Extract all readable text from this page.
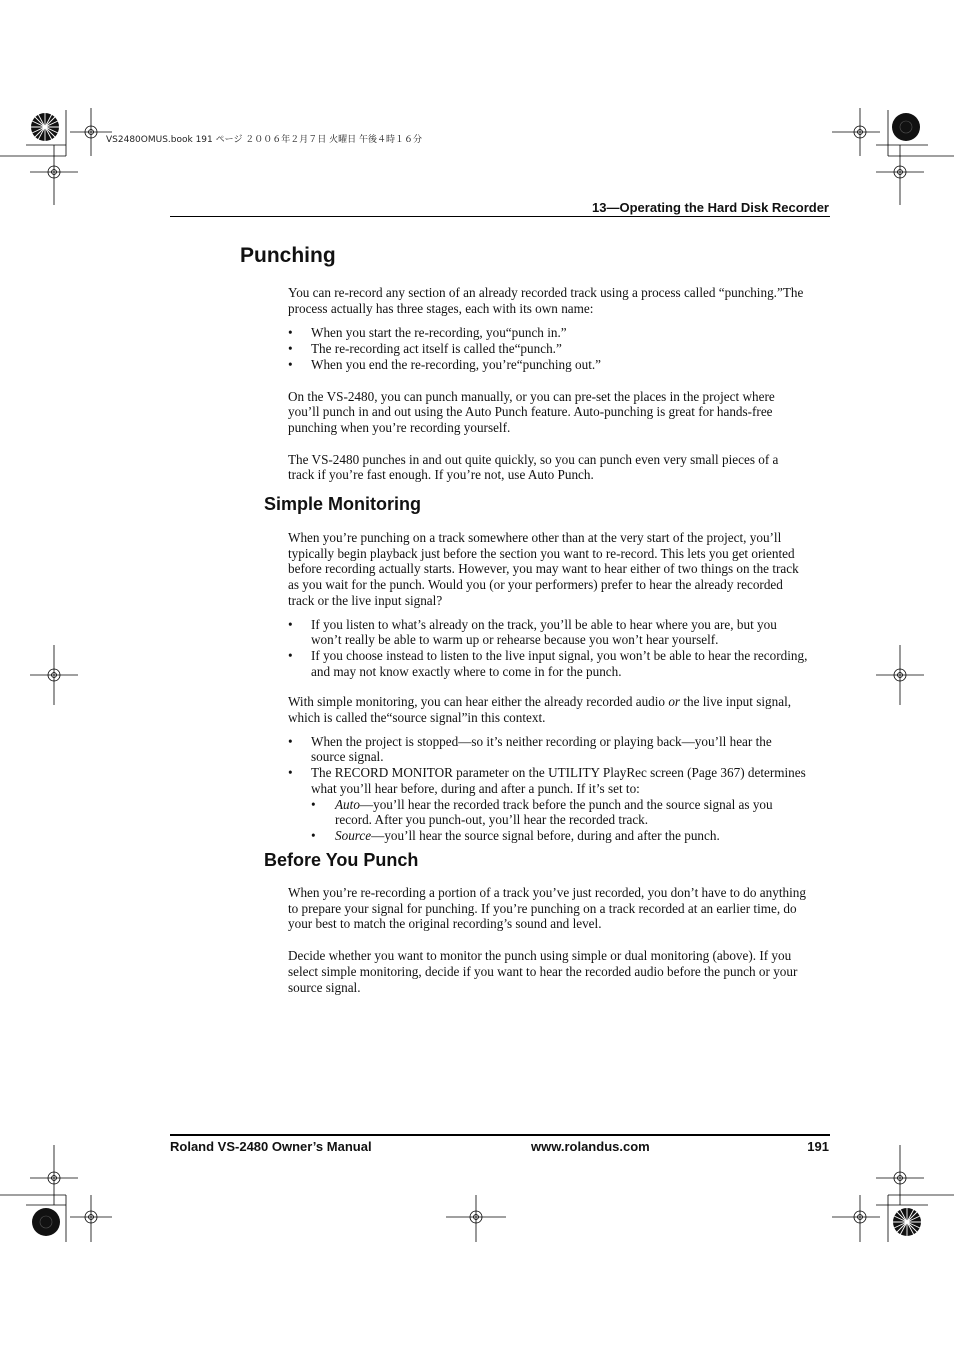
VS2480OMUS.book 191 ページ ２００６年２月７日 火曜日 午後４時１６分
13—Operating the Hard Disk Recorder
Punching

You can re-record any section of an already recorded track using a process called “punching.”The process actually has three stages, each with its own name:

• When you start the re-recording, you“punch in.”
• The re-recording act itself is called the“punch.”
• When you end the re-recording, you’re“punching out.”

On the VS-2480, you can punch manually, or you can pre-set the places in the project where you’ll punch in and out using the Auto Punch feature. Auto-punching is great for hands-free punching when you’re recording yourself.

The VS-2480 punches in and out quite quickly, so you can punch even very small pieces of a track if you’re fast enough. If you’re not, use Auto Punch.

Simple Monitoring

When you’re punching on a track somewhere other than at the very start of the project, you’ll typically begin playback just before the section you want to re-record. This lets you get oriented before recording actually starts. However, you may want to hear either of two things on the track as you wait for the punch. Would you (or your performers) prefer to hear the already recorded track or the live input signal?

• If you listen to what’s already on the track, you’ll be able to hear where you are, but you won’t really be able to warm up or rehearse because you won’t hear yourself.
• If you choose instead to listen to the live input signal, you won’t be able to hear the recording, and may not know exactly where to come in for the punch.

With simple monitoring, you can hear either the already recorded audio or the live input signal, which is called the“source signal”in this context.

• When the project is stopped—so it’s neither recording or playing back—you’ll hear the source signal.
• The RECORD MONITOR parameter on the UTILITY PlayRec screen (Page 367) determines what you’ll hear before, during and after a punch. If it’s set to:
• Auto—you’ll hear the recorded track before the punch and the source signal as you record. After you punch-out, you’ll hear the recorded track.
• Source—you’ll hear the source signal before, during and after the punch.
Before You Punch

When you’re re-recording a portion of a track you’ve just recorded, you don’t have to do anything to prepare your signal for punching. If you’re punching on a track recorded at an earlier time, do your best to match the original recording’s sound and level.

Decide whether you want to monitor the punch using simple or dual monitoring (above). If you select simple monitoring, decide if you want to hear the recorded audio before the punch or your source signal.

Roland VS-2480 Owner’s Manual	www.rolandus.com	191
